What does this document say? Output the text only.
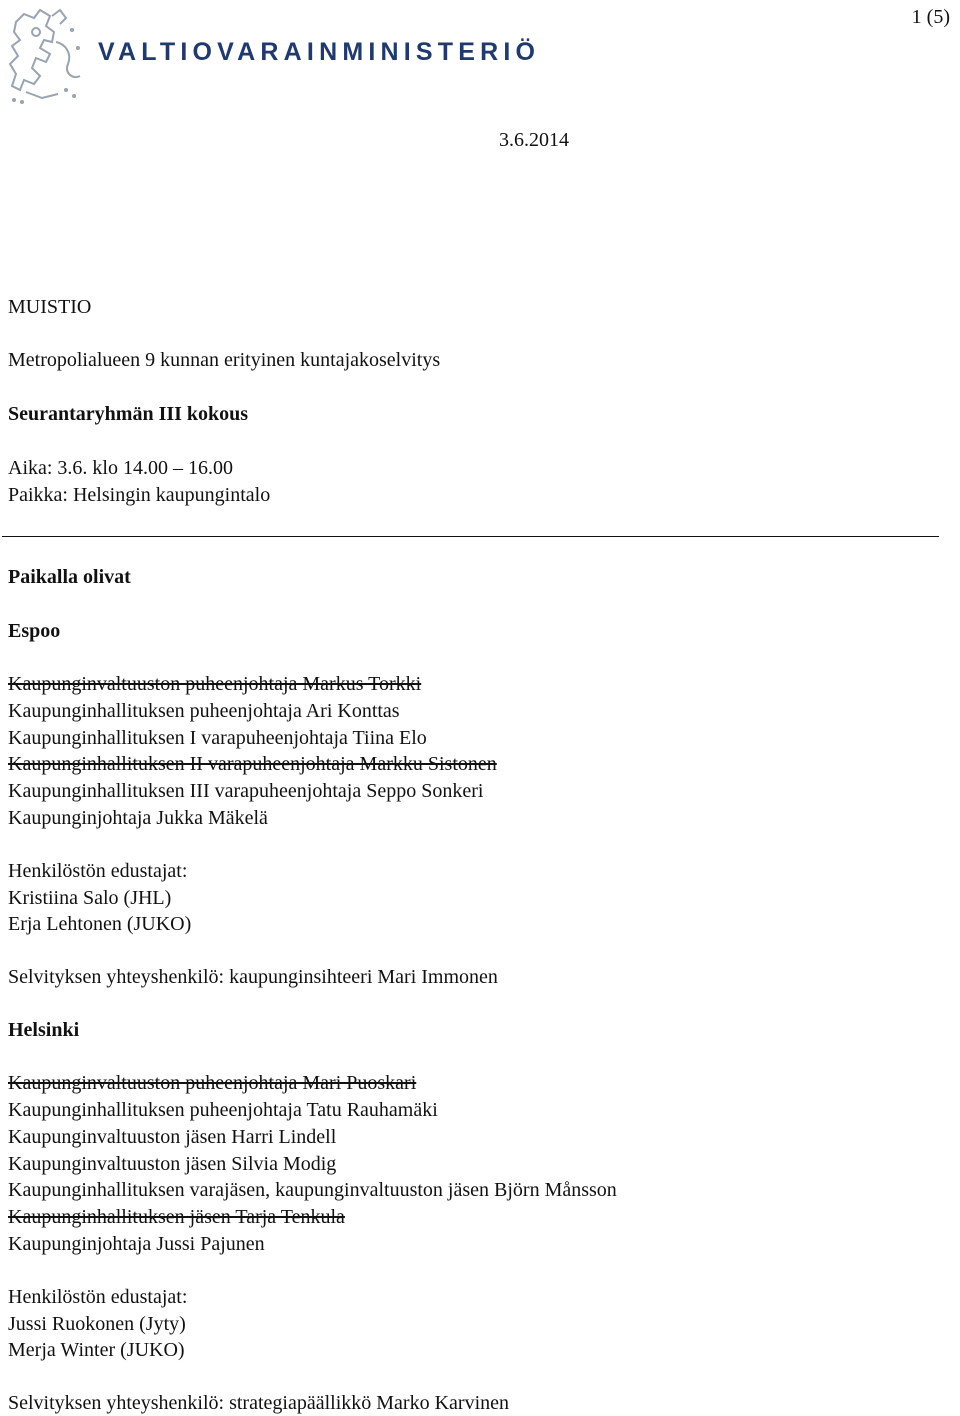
VALTIOVARAINMINISTERIÖ
1 (5)
3.6.2014
MUISTIO
Metropolialueen 9 kunnan erityinen kuntajakoselvitys
Seurantaryhmän III kokous
Aika: 3.6. klo 14.00 – 16.00
Paikka: Helsingin kaupungintalo
Paikalla olivat
Espoo
Kaupunginvaltuuston puheenjohtaja Markus Torkki
Kaupunginhallituksen puheenjohtaja Ari Konttas
Kaupunginhallituksen I varapuheenjohtaja Tiina Elo
Kaupunginhallituksen II varapuheenjohtaja Markku Sistonen
Kaupunginhallituksen III varapuheenjohtaja Seppo Sonkeri
Kaupunginjohtaja Jukka Mäkelä
Henkilöstön edustajat:
Kristiina Salo (JHL)
Erja Lehtonen (JUKO)
Selvityksen yhteyshenkilö: kaupunginsihteeri Mari Immonen
Helsinki
Kaupunginvaltuuston puheenjohtaja Mari Puoskari
Kaupunginhallituksen puheenjohtaja Tatu Rauhamäki
Kaupunginvaltuuston jäsen Harri Lindell
Kaupunginvaltuuston jäsen Silvia Modig
Kaupunginhallituksen varajäsen, kaupunginvaltuuston jäsen Björn Månsson
Kaupunginhallituksen jäsen Tarja Tenkula
Kaupunginjohtaja Jussi Pajunen
Henkilöstön edustajat:
Jussi Ruokonen (Jyty)
Merja Winter (JUKO)
Selvityksen yhteyshenkilö: strategiapäällikkö Marko Karvinen
